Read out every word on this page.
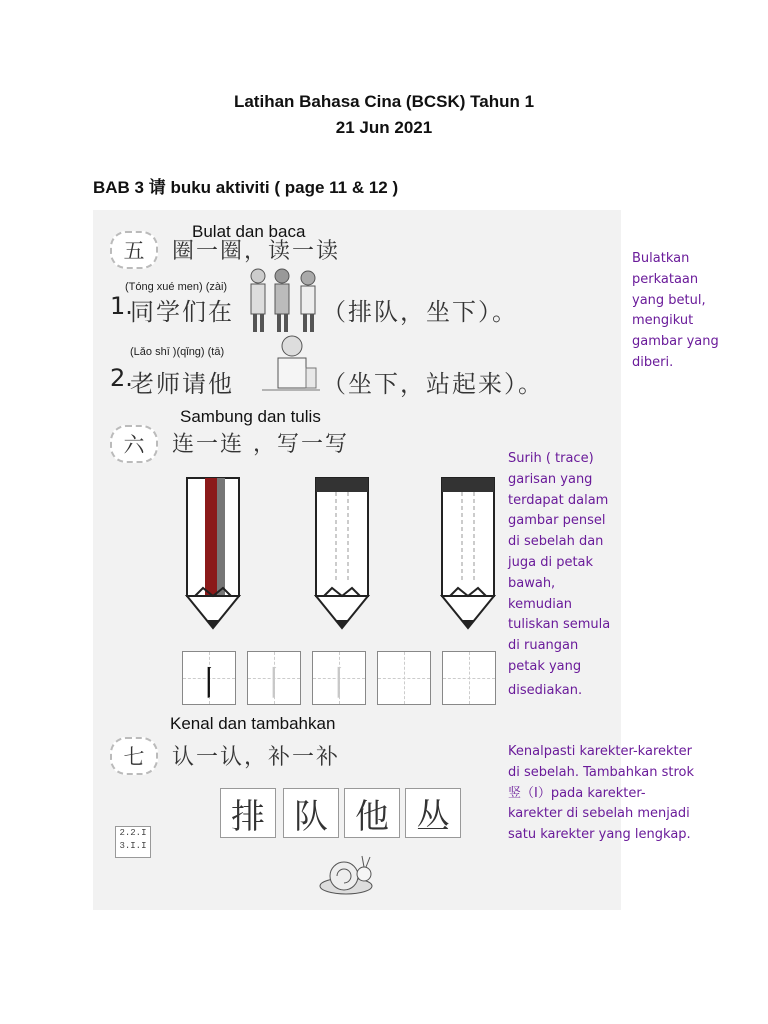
Latihan Bahasa Cina (BCSK) Tahun 1
21 Jun 2021
BAB 3 请 buku aktiviti ( page 11 & 12 )
五	圈一圈，读一读
Bulat dan baca
(Tóng xué men) (zài)
1.
同学们在	（排队，坐下）。
(Lǎo shī )(qǐng) (tā)
2.
老师请他	（坐下，站起来）。
Bulatkan
perkataan
yang betul,
mengikut
gambar yang
diberi.
六	连一连 ，写一写
Sambung dan tulis
丨 丨 丨
Surih ( trace)
garisan yang
terdapat dalam
gambar pensel
di sebelah dan
juga di petak
bawah,
kemudian
tuliskan semula
di ruangan
petak yang
disediakan.
七	认一认，补一补
Kenal dan tambahkan
排 队 他 丛
2.2.I
3.I.I
Kenalpasti karekter-karekter
di sebelah. Tambahkan strok
竖（I）pada karekter-
karekter di sebelah menjadi
satu karekter yang lengkap.
